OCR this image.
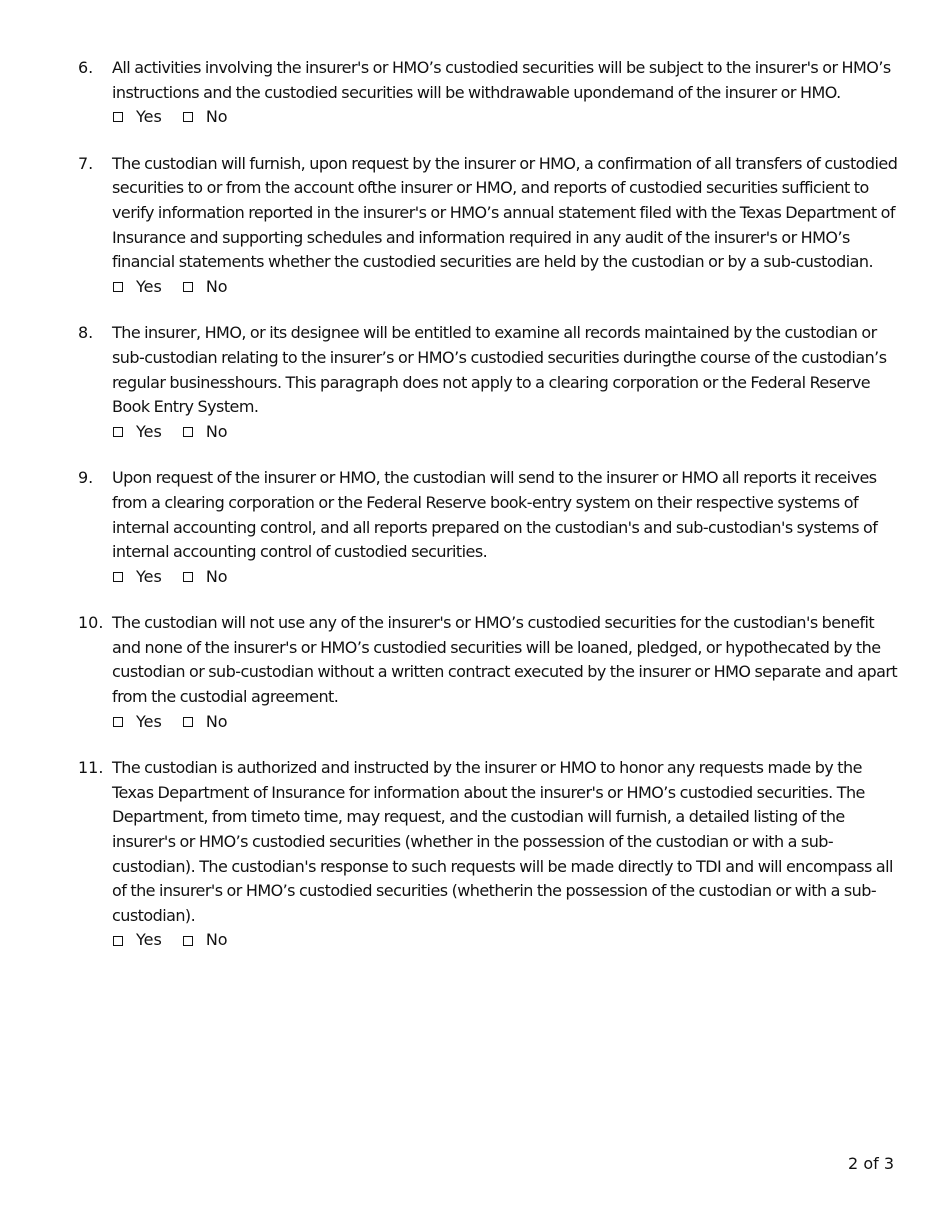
6.	All activities involving the insurer's or HMO’s custodied securities will be subject to the insurer's or HMO’s instructions and the custodied securities will be withdrawable upondemand of the insurer or HMO.

Yes	No
7.	The custodian will furnish, upon request by the insurer or HMO, a confirmation of all transfers of custodied securities to or from the account ofthe insurer or HMO, and reports of custodied securities sufficient to verify information reported in the insurer's or HMO’s annual statement filed with the Texas Department of Insurance and supporting schedules and information required in any audit of the insurer's or HMO’s financial statements whether the custodied securities are held by the custodian or by a sub-custodian.

Yes	No
8.	The insurer, HMO, or its designee will be entitled to examine all records maintained by the custodian or sub-custodian relating to the insurer’s or HMO’s custodied securities duringthe course of the custodian’s regular businesshours. This paragraph does not apply to a clearing corporation or the Federal Reserve Book Entry System.

Yes	No
9.	Upon request of the insurer or HMO, the custodian will send to the insurer or HMO all reports it receives from a clearing corporation or the Federal Reserve book-entry system on their respective systems of internal accounting control, and all reports prepared on the custodian's and sub-custodian's systems of internal accounting control of custodied securities.

Yes	No
10. The custodian will not use any of the insurer's or HMO’s custodied securities for the custodian's benefit and none of the insurer's or HMO’s custodied securities will be loaned, pledged, or hypothecated by the custodian or sub-custodian without a written contract executed by the insurer or HMO separate and apart from the custodial agreement.

Yes	No
11. The custodian is authorized and instructed by the insurer or HMO to honor any requests made by the Texas Department of Insurance for information about the insurer's or HMO’s custodied securities. The Department, from timeto time, may request, and the custodian will furnish, a detailed listing of the insurer's or HMO’s custodied securities (whether in the possession of the custodian or with a sub-custodian). The custodian's response to such requests will be made directly to TDI and will encompass all of the insurer's or HMO’s custodied securities (whetherin the possession of the custodian or with a sub-custodian).

Yes	No
2 of 3
